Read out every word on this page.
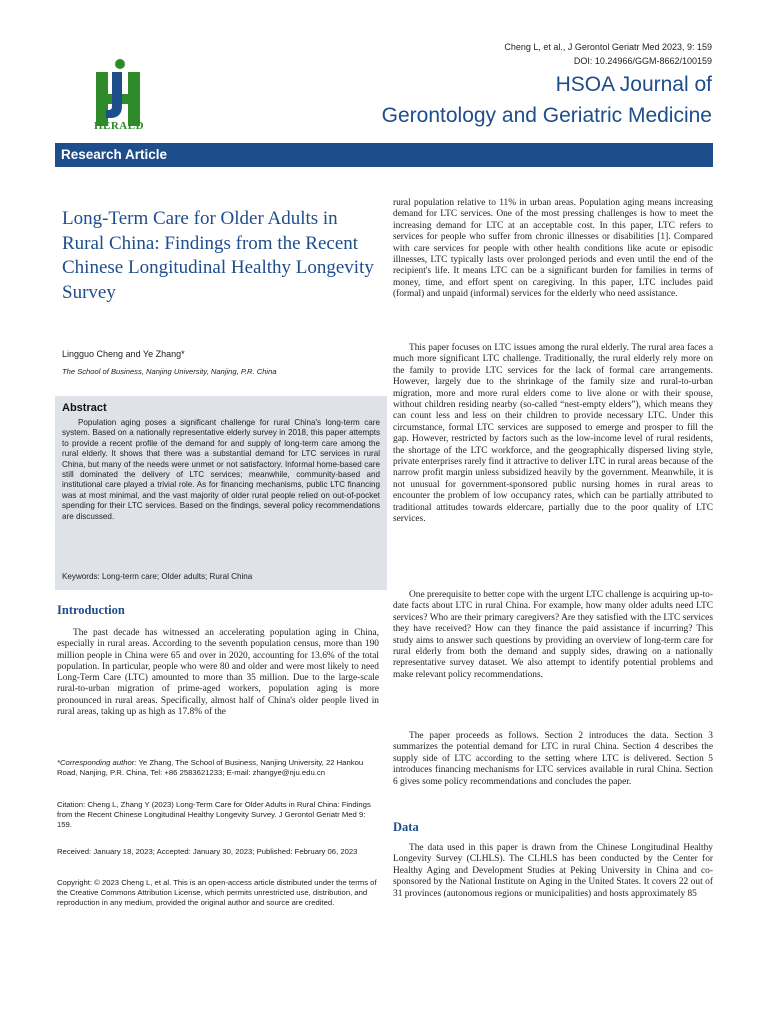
HERALD
Cheng L, et al., J Gerontol Geriatr Med 2023, 9: 159
DOI: 10.24966/GGM-8662/100159
HSOA Journal of
Gerontology and Geriatric Medicine
Research Article
Long-Term Care for Older Adults in Rural China: Findings from the Recent Chinese Longitudinal Healthy Longevity Survey
Lingguo Cheng and Ye Zhang*
The School of Business, Nanjing University, Nanjing, P.R. China
Abstract

Population aging poses a significant challenge for rural China's long-term care system. Based on a nationally representative elderly survey in 2018, this paper attempts to provide a recent profile of the demand for and supply of long-term care among the rural elderly. It shows that there was a substantial demand for LTC services in rural China, but many of the needs were unmet or not satisfactory. Informal home-based care still dominated the delivery of LTC services; meanwhile, community-based and institutional care played a trivial role. As for financing mechanisms, public LTC financing was at most minimal, and the vast majority of older rural people relied on out-of-pocket spending for their LTC services. Based on the findings, several policy recommendations are discussed.

Keywords: Long-term care; Older adults; Rural China
Introduction

The past decade has witnessed an accelerating population aging in China, especially in rural areas. According to the seventh population census, more than 190 million people in China were 65 and over in 2020, accounting for 13.6% of the total population. In particular, people who were 80 and older and were most likely to need Long-Term Care (LTC) amounted to more than 35 million. Due to the large-scale rural-to-urban migration of prime-aged workers, population aging is more pronounced in rural areas. Specifically, almost half of China's older people lived in rural areas, taking up as high as 17.8% of the

*Corresponding author: Ye Zhang, The School of Business, Nanjing University, 22 Hankou Road, Nanjing, P.R. China, Tel: +86 2583621233; E-mail: zhangye@nju.edu.cn

Citation: Cheng L, Zhang Y (2023) Long-Term Care for Older Adults in Rural China: Findings from the Recent Chinese Longitudinal Healthy Longevity Survey. J Gerontol Geriatr Med 9: 159.

Received: January 18, 2023; Accepted: January 30, 2023; Published: February 06, 2023

Copyright: © 2023 Cheng L, et al. This is an open-access article distributed under the terms of the Creative Commons Attribution License, which permits unrestricted use, distribution, and reproduction in any medium, provided the original author and source are credited.

rural population relative to 11% in urban areas. Population aging means increasing demand for LTC services. One of the most pressing challenges is how to meet the increasing demand for LTC at an acceptable cost. In this paper, LTC refers to services for people who suffer from chronic illnesses or disabilities [1]. Compared with care services for people with other health conditions like acute or episodic illnesses, LTC typically lasts over prolonged periods and even until the end of the recipient's life. It means LTC can be a significant burden for families in terms of money, time, and effort spent on caregiving. In this paper, LTC includes paid (formal) and unpaid (informal) services for the elderly who need assistance.

This paper focuses on LTC issues among the rural elderly. The rural area faces a much more significant LTC challenge. Traditionally, the rural elderly rely more on the family to provide LTC services for the lack of formal care arrangements. However, largely due to the shrinkage of the family size and rural-to-urban migration, more and more rural elders come to live alone or with their spouse, without children residing nearby (so-called “nest-empty elders”), which means they can count less and less on their children to provide necessary LTC. Under this circumstance, formal LTC services are supposed to emerge and prosper to fill the gap. However, restricted by factors such as the low-income level of rural residents, the shortage of the LTC workforce, and the geographically dispersed living style, private enterprises rarely find it attractive to deliver LTC in rural areas because of the narrow profit margin unless subsidized heavily by the government. Meanwhile, it is not unusual for government-sponsored public nursing homes in rural areas to encounter the problem of low occupancy rates, which can be partially attributed to traditional attitudes towards eldercare, partially due to the poor quality of LTC services.

One prerequisite to better cope with the urgent LTC challenge is acquiring up-to-date facts about LTC in rural China. For example, how many older adults need LTC services? Who are their primary caregivers? Are they satisfied with the LTC services they have received? How can they finance the paid assistance if incurring? This study aims to answer such questions by providing an overview of long-term care for rural elderly from both the demand and supply sides, drawing on a nationally representative survey dataset. We also attempt to identify potential problems and make relevant policy recommendations.

The paper proceeds as follows. Section 2 introduces the data. Section 3 summarizes the potential demand for LTC in rural China. Section 4 describes the supply side of LTC according to the setting where LTC is delivered. Section 5 introduces financing mechanisms for LTC services available in rural China. Section 6 gives some policy recommendations and concludes the paper.

Data

The data used in this paper is drawn from the Chinese Longitudinal Healthy Longevity Survey (CLHLS). The CLHLS has been conducted by the Center for Healthy Aging and Development Studies at Peking University in China and co-sponsored by the National Institute on Aging in the United States. It covers 22 out of 31 provinces (autonomous regions or municipalities) and hosts approximately 85
